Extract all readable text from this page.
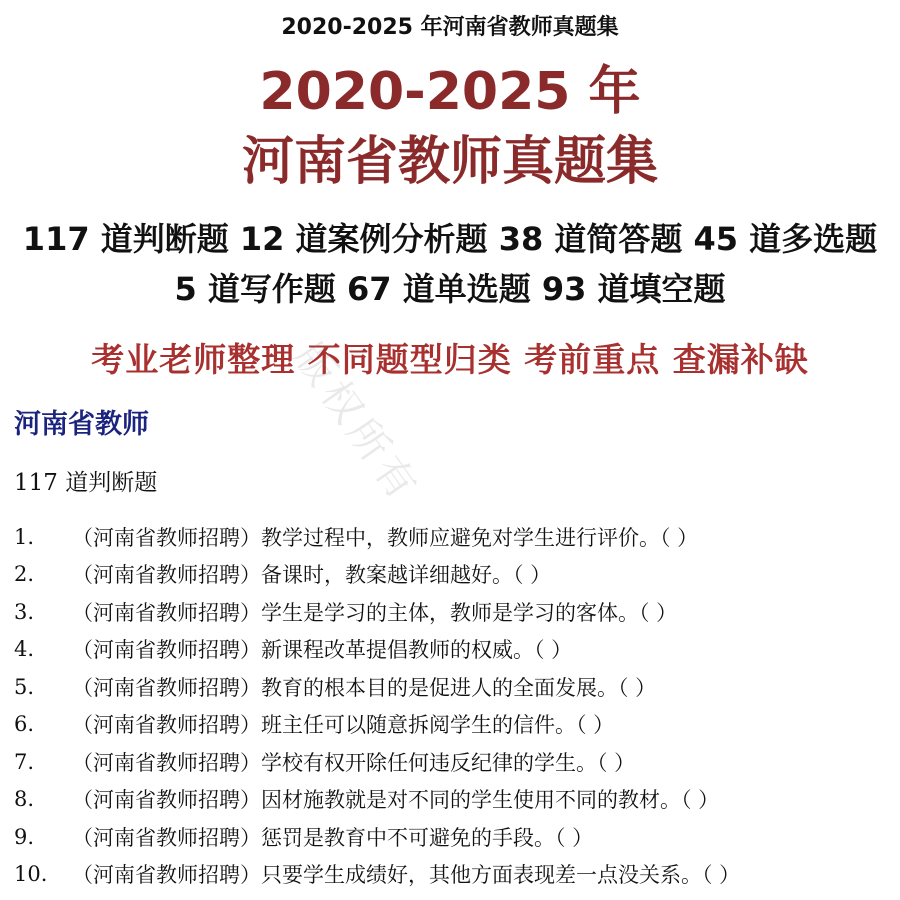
2020-2025 年河南省教师真题集
2020-2025 年
河南省教师真题集
117 道判断题 12 道案例分析题 38 道简答题 45 道多选题 5 道写作题 67 道单选题 93 道填空题
考业老师整理 不同题型归类 考前重点 查漏补缺
河南省教师
117 道判断题
1.	（河南省教师招聘）教学过程中，教师应避免对学生进行评价。（ ）
2.	（河南省教师招聘）备课时，教案越详细越好。（ ）
3.	（河南省教师招聘）学生是学习的主体，教师是学习的客体。（ ）
4.	（河南省教师招聘）新课程改革提倡教师的权威。（ ）
5.	（河南省教师招聘）教育的根本目的是促进人的全面发展。（ ）
6.	（河南省教师招聘）班主任可以随意拆阅学生的信件。（ ）
7.	（河南省教师招聘）学校有权开除任何违反纪律的学生。（ ）
8.	（河南省教师招聘）因材施教就是对不同的学生使用不同的教材。（ ）
9.	（河南省教师招聘）惩罚是教育中不可避免的手段。（ ）
10.	（河南省教师招聘）只要学生成绩好，其他方面表现差一点没关系。（ ）
版权所有
